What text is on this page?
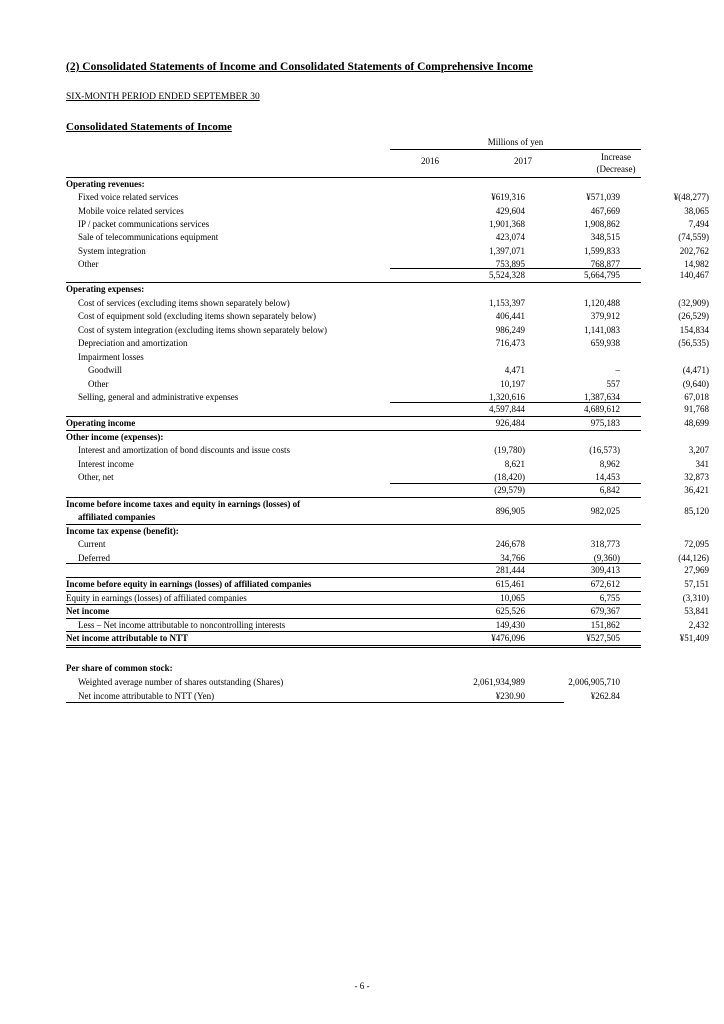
(2) Consolidated Statements of Income and Consolidated Statements of Comprehensive Income
SIX-MONTH PERIOD ENDED SEPTEMBER 30
Consolidated Statements of Income
Millions of yen
2016	2017	Increase
(Decrease)
Operating revenues:
Fixed voice related services	¥619,316	¥571,039	¥(48,277)
Mobile voice related services	429,604	467,669	38,065
IP / packet communications services	1,901,368	1,908,862	7,494
Sale of telecommunications equipment	423,074	348,515	(74,559)
System integration	1,397,071	1,599,833	202,762
Other	753,895	768,877	14,982
5,524,328	5,664,795	140,467
Operating expenses:
Cost of services (excluding items shown separately below)	1,153,397	1,120,488	(32,909)
Cost of equipment sold (excluding items shown separately below)	406,441	379,912	(26,529)
Cost of system integration (excluding items shown separately below)	986,249	1,141,083	154,834
Depreciation and amortization	716,473	659,938	(56,535)
Impairment losses
Goodwill	4,471	–	(4,471)
Other	10,197	557	(9,640)
Selling, general and administrative expenses	1,320,616	1,387,634	67,018
4,597,844	4,689,612	91,768
Operating income	926,484	975,183	48,699
Other income (expenses):
Interest and amortization of bond discounts and issue costs	(19,780)	(16,573)	3,207
Interest income	8,621	8,962	341
Other, net	(18,420)	14,453	32,873
(29,579)	6,842	36,421
Income before income taxes and equity in earnings (losses) of
affiliated companies
896,905	982,025	85,120
Income tax expense (benefit):
Current	246,678	318,773	72,095
Deferred	34,766	(9,360)	(44,126)
281,444	309,413	27,969
Income before equity in earnings (losses) of affiliated companies	615,461	672,612	57,151
Equity in earnings (losses) of affiliated companies	10,065	6,755	(3,310)
Net income	625,526	679,367	53,841
Less – Net income attributable to noncontrolling interests	149,430	151,862	2,432
Net income attributable to NTT	¥476,096	¥527,505	¥51,409
Per share of common stock:
Weighted average number of shares outstanding (Shares)	2,061,934,989	2,006,905,710
Net income attributable to NTT (Yen)	¥230.90	¥262.84
- 6 -
